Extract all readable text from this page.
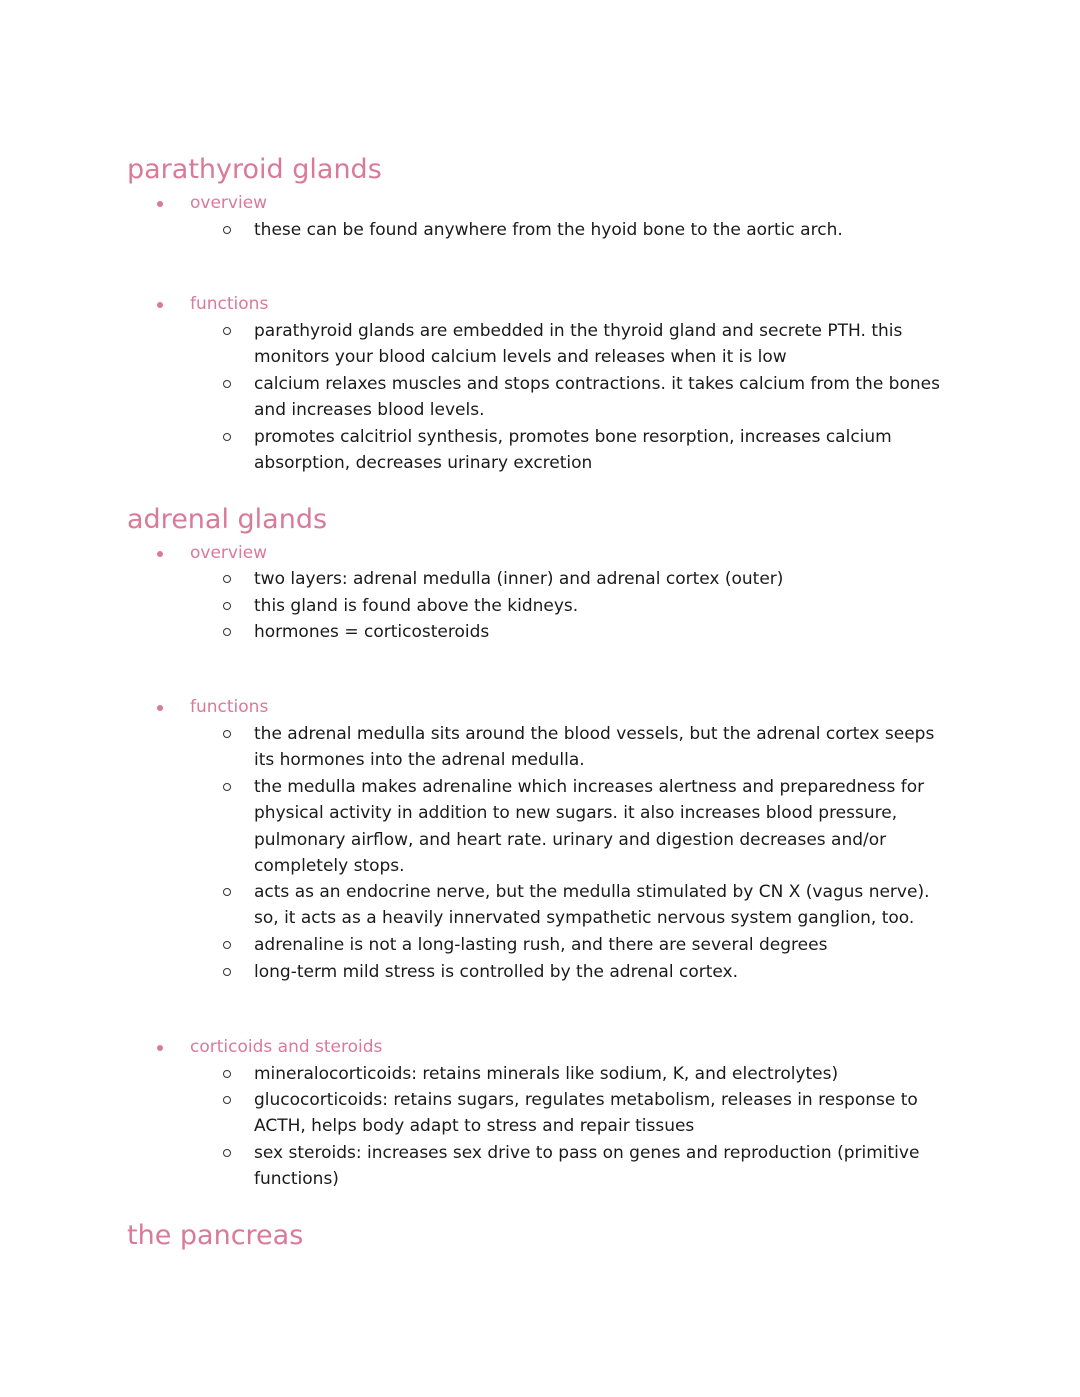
parathyroid glands
overview

these can be found anywhere from the hyoid bone to the aortic arch.

functions

parathyroid glands are embedded in the thyroid gland and secrete PTH. this monitors your blood calcium levels and releases when it is low

calcium relaxes muscles and stops contractions. it takes calcium from the bones and increases blood levels.

promotes calcitriol synthesis, promotes bone resorption, increases calcium absorption, decreases urinary excretion

adrenal glands
overview

two layers: adrenal medulla (inner) and adrenal cortex (outer)

this gland is found above the kidneys.

hormones = corticosteroids

functions

the adrenal medulla sits around the blood vessels, but the adrenal cortex seeps its hormones into the adrenal medulla.

the medulla makes adrenaline which increases alertness and preparedness for physical activity in addition to new sugars. it also increases blood pressure, pulmonary airflow, and heart rate. urinary and digestion decreases and/or completely stops.

acts as an endocrine nerve, but the medulla stimulated by CN X (vagus nerve). so, it acts as a heavily innervated sympathetic nervous system ganglion, too.

adrenaline is not a long-lasting rush, and there are several degrees

long-term mild stress is controlled by the adrenal cortex.

corticoids and steroids

mineralocorticoids: retains minerals like sodium, K, and electrolytes)

glucocorticoids: retains sugars, regulates metabolism, releases in response to ACTH, helps body adapt to stress and repair tissues

sex steroids: increases sex drive to pass on genes and reproduction (primitive functions)

the pancreas
